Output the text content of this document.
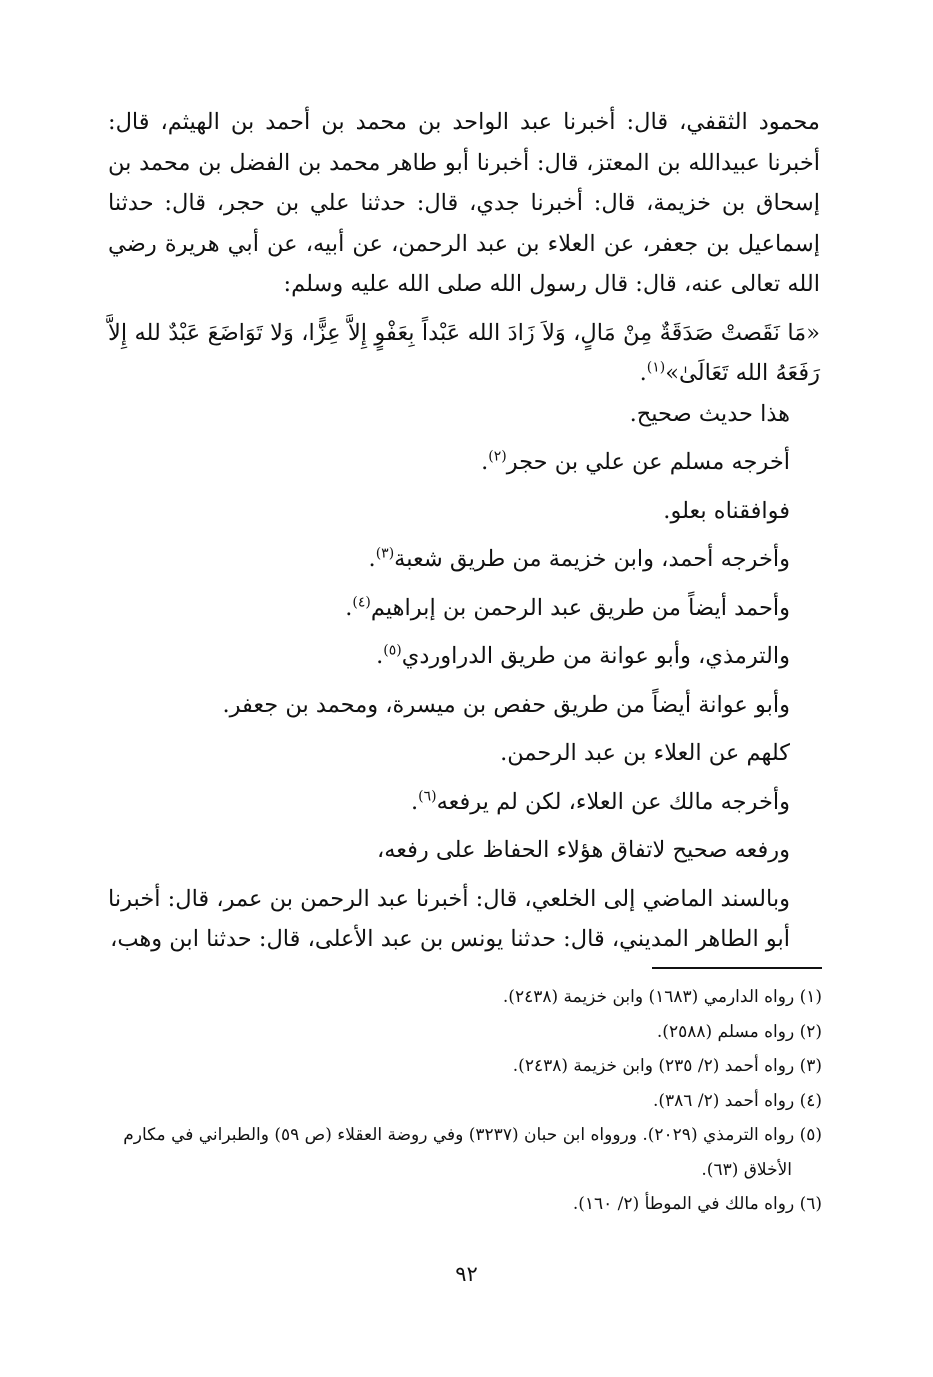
محمود الثقفي، قال: أخبرنا عبد الواحد بن محمد بن أحمد بن الهيثم، قال: أخبرنا عبيدالله بن المعتز، قال: أخبرنا أبو طاهر محمد بن الفضل بن محمد بن إسحاق بن خزيمة، قال: أخبرنا جدي، قال: حدثنا علي بن حجر، قال: حدثنا إسماعيل بن جعفر، عن العلاء بن عبد الرحمن، عن أبيه، عن أبي هريرة رضي الله تعالى عنه، قال: قال رسول الله صلى الله عليه وسلم:

«مَا نَقَصتْ صَدَقَةٌ مِنْ مَالٍ، وَلاَ زَادَ الله عَبْداً بِعَفْوٍ إِلاَّ عِزًّا، وَلا تَوَاضَعَ عَبْدٌ لله إِلاَّ رَفَعَهُ الله تَعَالَىٰ»$^{(١)}$.

هذا حديث صحيح.

أخرجه مسلم عن علي بن حجر$^{(٢)}$.

فوافقناه بعلو.

وأخرجه أحمد، وابن خزيمة من طريق شعبة$^{(٣)}$.

وأحمد أيضاً من طريق عبد الرحمن بن إبراهيم$^{(٤)}$.

والترمذي، وأبو عوانة من طريق الدراوردي$^{(٥)}$.

وأبو عوانة أيضاً من طريق حفص بن ميسرة، ومحمد بن جعفر.

كلهم عن العلاء بن عبد الرحمن.

وأخرجه مالك عن العلاء، لكن لم يرفعه$^{(٦)}$.

ورفعه صحيح لاتفاق هؤلاء الحفاظ على رفعه،

وبالسند الماضي إلى الخلعي، قال: أخبرنا عبد الرحمن بن عمر، قال: أخبرنا أبو الطاهر المديني، قال: حدثنا يونس بن عبد الأعلى، قال: حدثنا ابن وهب،

(١) رواه الدارمي (١٦٨٣) وابن خزيمة (٢٤٣٨).

(٢) رواه مسلم (٢٥٨٨).

(٣) رواه أحمد (٢/ ٢٣٥) وابن خزيمة (٢٤٣٨).

(٤) رواه أحمد (٢/ ٣٨٦).

(٥) رواه الترمذي (٢٠٢٩). وروواه ابن حبان (٣٢٣٧) وفي روضة العقلاء (ص ٥٩) والطبراني في مكارم الأخلاق (٦٣).

(٦) رواه مالك في الموطأ (٢/ ١٦٠).

٩٢
